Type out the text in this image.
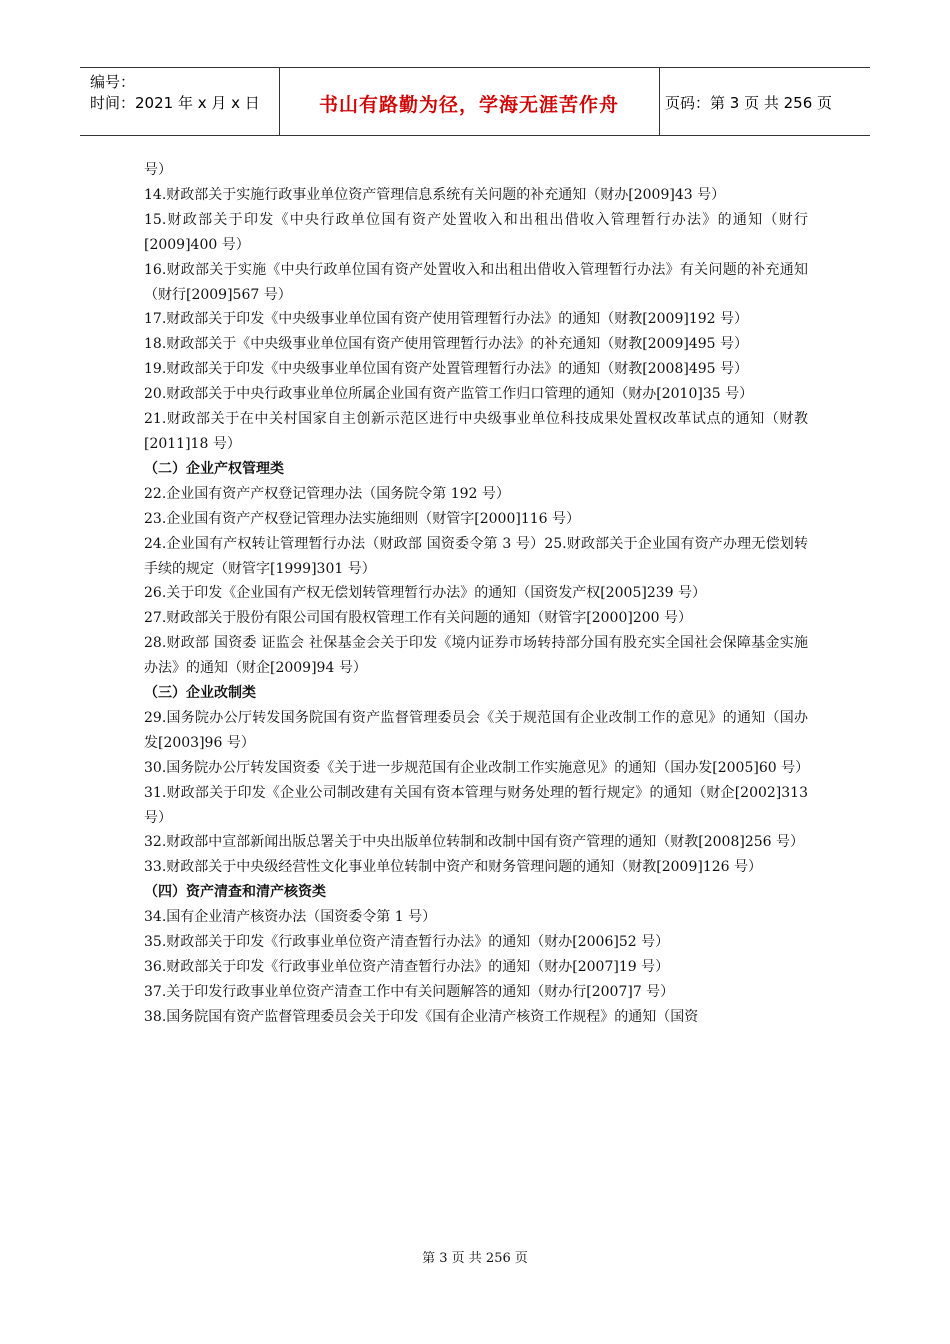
编号：
时间：2021 年 x 月 x 日	书山有路勤为径，学海无涯苦作舟	页码：第 3 页 共 256 页

号）

14.财政部关于实施行政事业单位资产管理信息系统有关问题的补充通知（财办[2009]43 号）

15.财政部关于印发《中央行政单位国有资产处置收入和出租出借收入管理暂行办法》的通知（财行[2009]400 号）

16.财政部关于实施《中央行政单位国有资产处置收入和出租出借收入管理暂行办法》有关问题的补充通知（财行[2009]567 号）

17.财政部关于印发《中央级事业单位国有资产使用管理暂行办法》的通知（财教[2009]192 号）

18.财政部关于《中央级事业单位国有资产使用管理暂行办法》的补充通知（财教[2009]495 号）

19.财政部关于印发《中央级事业单位国有资产处置管理暂行办法》的通知（财教[2008]495 号）

20.财政部关于中央行政事业单位所属企业国有资产监管工作归口管理的通知（财办[2010]35 号）

21.财政部关于在中关村国家自主创新示范区进行中央级事业单位科技成果处置权改革试点的通知（财教[2011]18 号）

（二）企业产权管理类

22.企业国有资产产权登记管理办法（国务院令第 192 号）

23.企业国有资产产权登记管理办法实施细则（财管字[2000]116 号）

24.企业国有产权转让管理暂行办法（财政部 国资委令第 3 号）25.财政部关于企业国有资产办理无偿划转手续的规定（财管字[1999]301 号）

26.关于印发《企业国有产权无偿划转管理暂行办法》的通知（国资发产权[2005]239 号）

27.财政部关于股份有限公司国有股权管理工作有关问题的通知（财管字[2000]200 号）

28.财政部 国资委 证监会 社保基金会关于印发《境内证券市场转持部分国有股充实全国社会保障基金实施办法》的通知（财企[2009]94 号）

（三）企业改制类

29.国务院办公厅转发国务院国有资产监督管理委员会《关于规范国有企业改制工作的意见》的通知（国办发[2003]96 号）

30.国务院办公厅转发国资委《关于进一步规范国有企业改制工作实施意见》的通知（国办发[2005]60 号）

31.财政部关于印发《企业公司制改建有关国有资本管理与财务处理的暂行规定》的通知（财企[2002]313 号）

32.财政部中宣部新闻出版总署关于中央出版单位转制和改制中国有资产管理的通知（财教[2008]256 号）

33.财政部关于中央级经营性文化事业单位转制中资产和财务管理问题的通知（财教[2009]126 号）

（四）资产清查和清产核资类

34.国有企业清产核资办法（国资委令第 1 号）

35.财政部关于印发《行政事业单位资产清查暂行办法》的通知（财办[2006]52 号）

36.财政部关于印发《行政事业单位资产清查暂行办法》的通知（财办[2007]19 号）

37.关于印发行政事业单位资产清查工作中有关问题解答的通知（财办行[2007]7 号）

38.国务院国有资产监督管理委员会关于印发《国有企业清产核资工作规程》的通知（国资

第 3 页 共 256 页
